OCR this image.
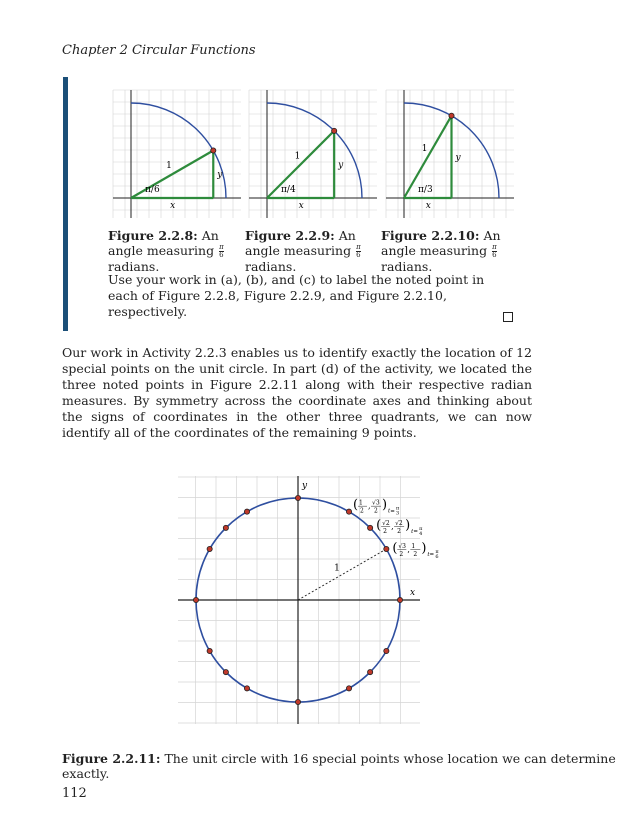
Chapter 2 Circular Functions
π/6
1
y
x
π/4
1
y
x
π/3
1
y
x
Figure 2.2.8: An angle measuring $\frac{\pi}{6}$
radians.
Figure 2.2.9: An angle measuring $\frac{\pi}{6}$
radians.
Figure 2.2.10: An angle measuring $\frac{\pi}{6}$
radians.
Use your work in (a), (b), and (c) to label the noted point in each of Figure 2.2.8, Figure 2.2.9, and Figure 2.2.10, respectively.
Our work in Activity 2.2.3 enables us to identify exactly the location of 12 special points on the unit circle. In part (d) of the activity, we located the three noted points in Figure 2.2.11 along with their respective radian measures. By symmetry across the coordinate axes and thinking about the signs of coordinates in the other three quadrants, we can now identify all of the coordinates of the remaining 9 points.
y
x
1
( 1
2
, √3
2 ) t= π
3
( √2
2
, √2
2 ) t= π
4
( √3
2
, 1
2 ) t= π
6
Figure 2.2.11: The unit circle with 16 special points whose location we can determine exactly.
112
